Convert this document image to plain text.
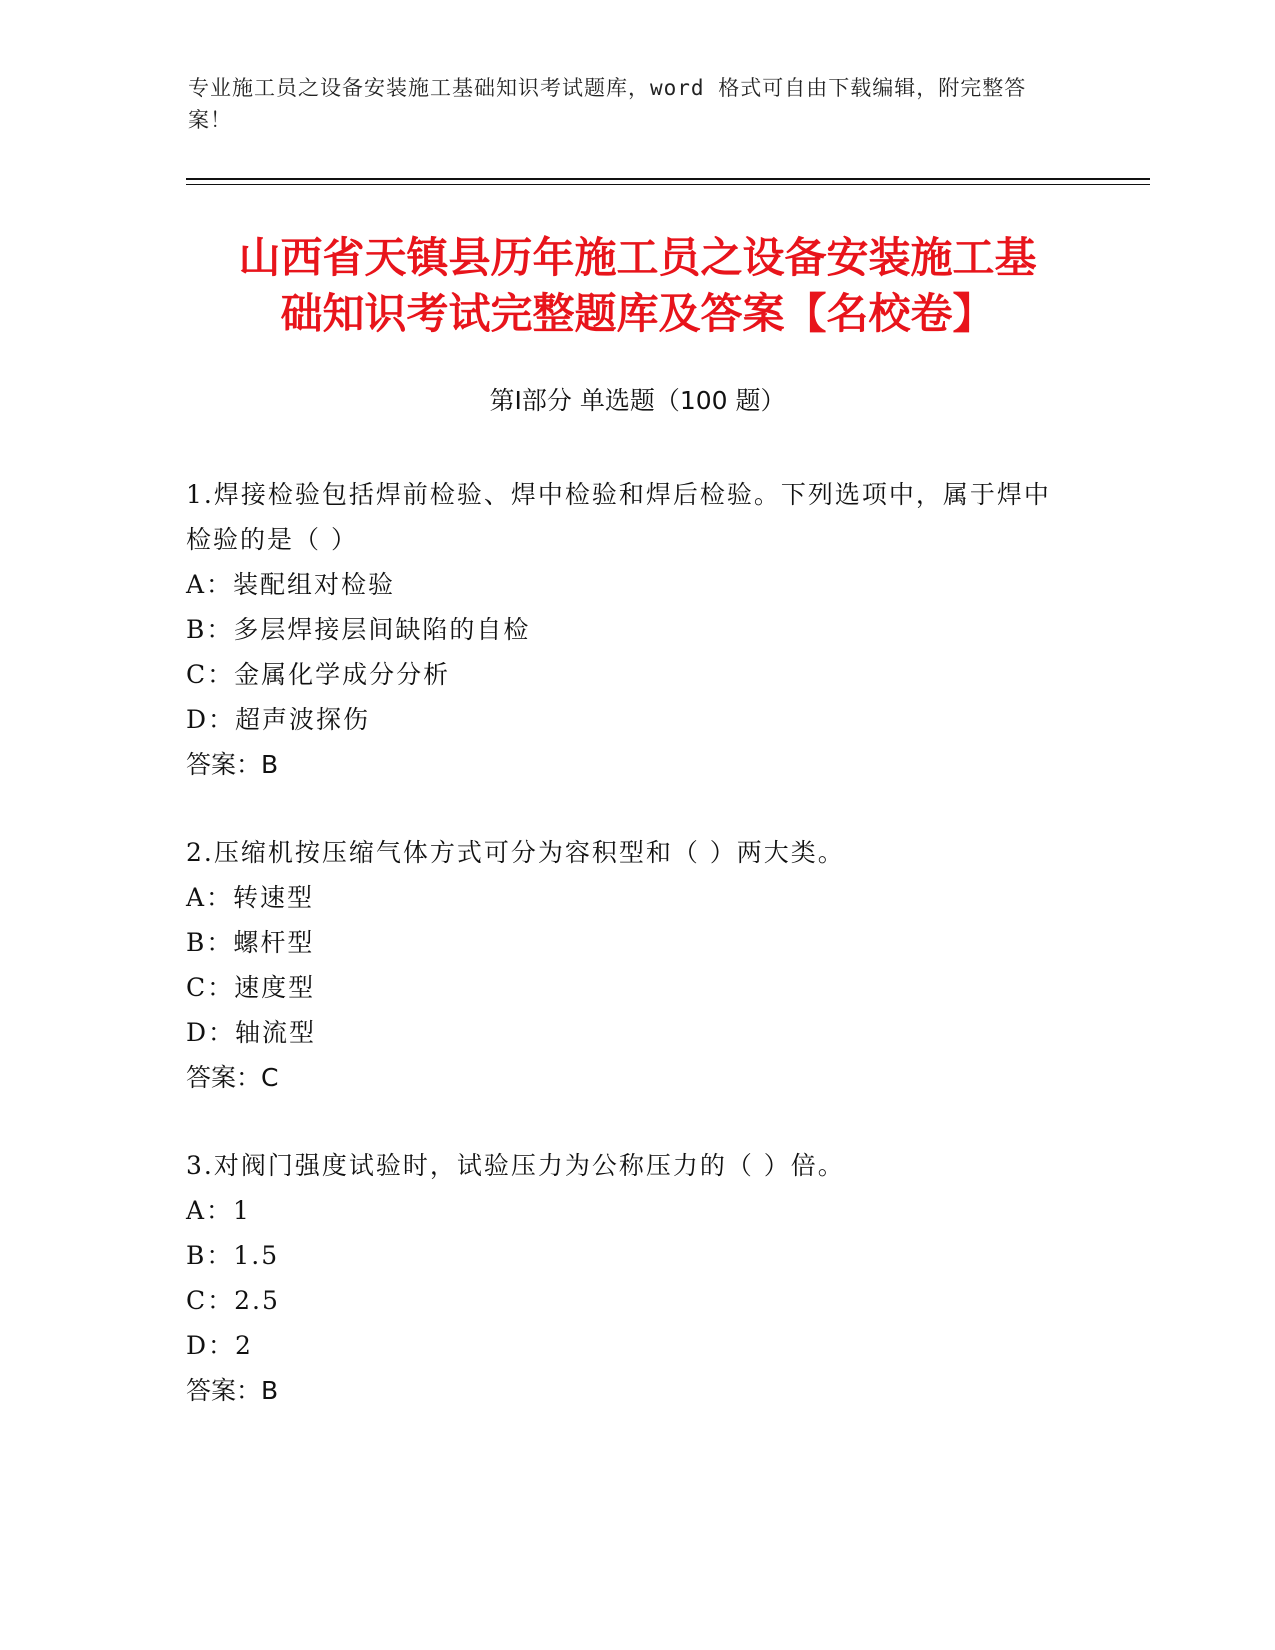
专业施工员之设备安装施工基础知识考试题库，word 格式可自由下载编辑，附完整答案！
山西省天镇县历年施工员之设备安装施工基
础知识考试完整题库及答案【名校卷】
第Ⅰ部分 单选题（100 题）

1.焊接检验包括焊前检验、焊中检验和焊后检验。下列选项中，属于焊中检验的是（ ）

A：装配组对检验

B：多层焊接层间缺陷的自检

C：金属化学成分分析

D：超声波探伤

答案：B

2.压缩机按压缩气体方式可分为容积型和（ ）两大类。

A：转速型

B：螺杆型

C：速度型

D：轴流型

答案：C

3.对阀门强度试验时，试验压力为公称压力的（ ）倍。

A：1

B：1.5

C：2.5

D：2

答案：B
